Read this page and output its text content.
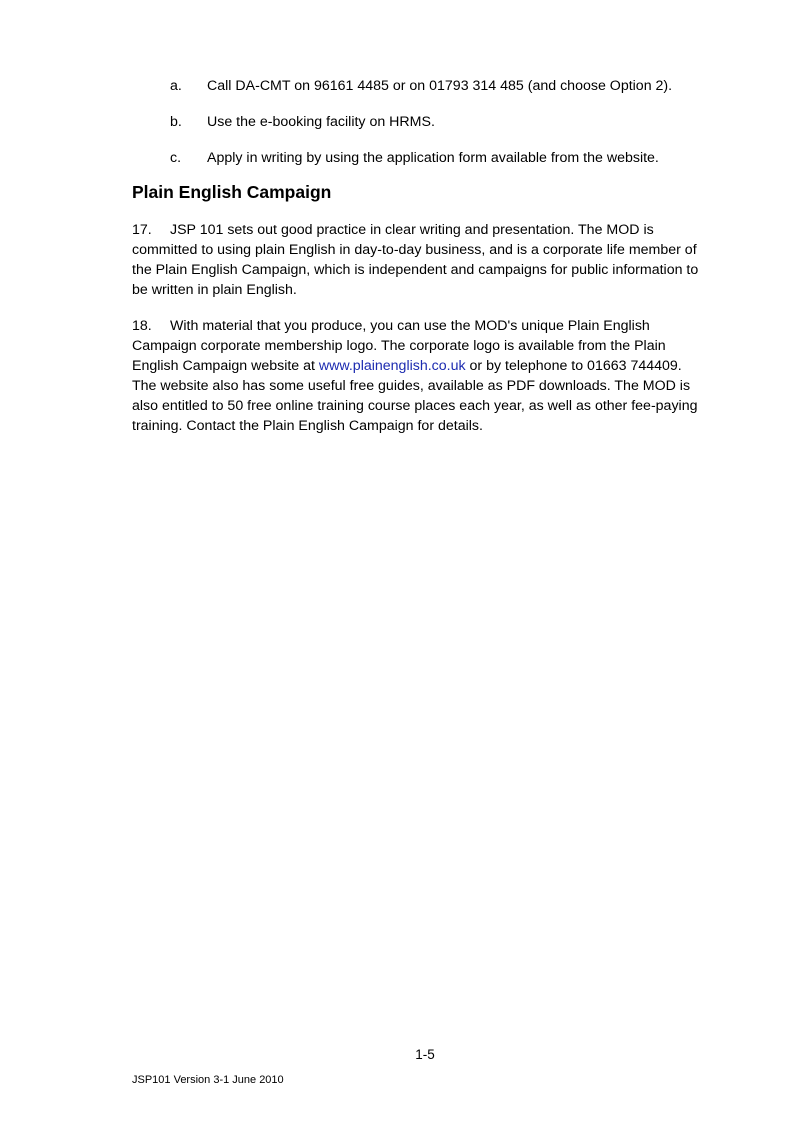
a. Call DA-CMT on 96161 4485 or on 01793 314 485 (and choose Option 2).
b. Use the e-booking facility on HRMS.
c. Apply in writing by using the application form available from the website.
Plain English Campaign
17. JSP 101 sets out good practice in clear writing and presentation. The MOD is
committed to using plain English in day-to-day business, and is a corporate life member of
the Plain English Campaign, which is independent and campaigns for public information to
be written in plain English.
18. With material that you produce, you can use the MOD's unique Plain English
Campaign corporate membership logo. The corporate logo is available from the Plain
English Campaign website at www.plainenglish.co.uk or by telephone to 01663 744409.
The website also has some useful free guides, available as PDF downloads. The MOD is
also entitled to 50 free online training course places each year, as well as other fee-paying
training. Contact the Plain English Campaign for details.
1-5
JSP101 Version 3-1 June 2010
